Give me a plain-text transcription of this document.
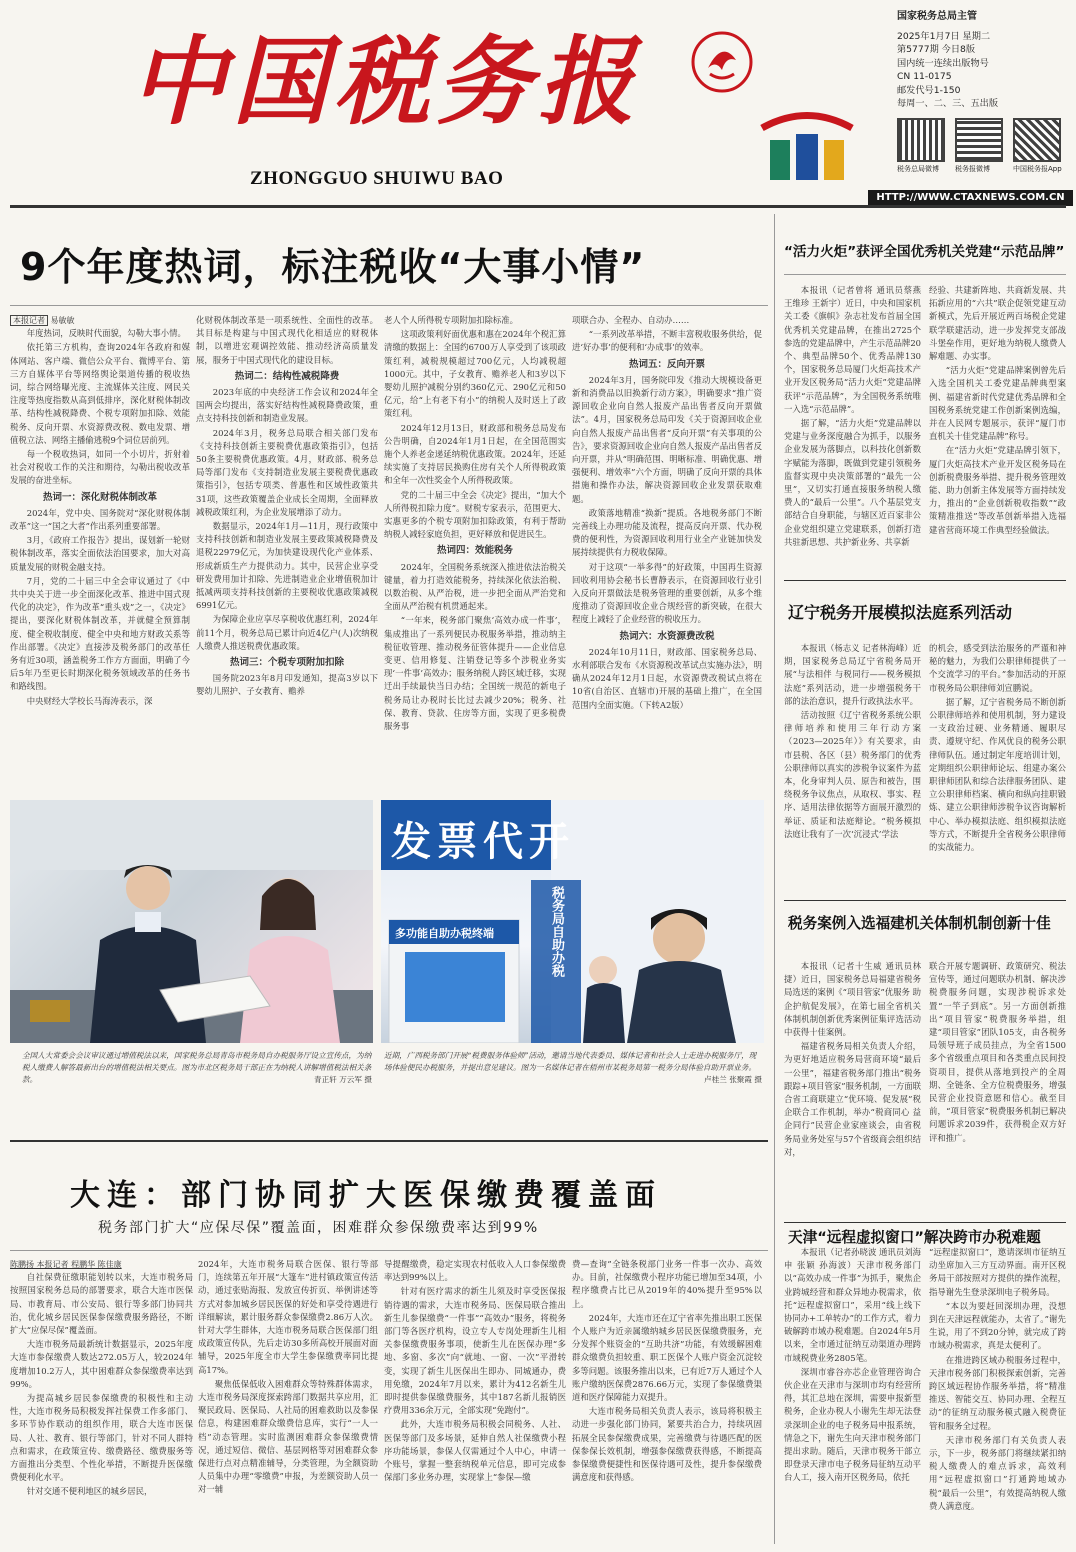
中国税务报
ZHONGGUO SHUIWU BAO
国家税务总局主管
2025年1月7日 星期二
第5777期 今日8版
国内统一连续出版物号
CN 11-0175
邮发代号1-150
每周一、二、三、五出版
税务总局微博 税务报微博	中国税务报App
HTTP://WWW.CTAXNEWS.COM.CN
9个年度热词，标注税收“大事小情”
本报记者 易敏敏

年度热词，反映时代面貌，勾勒大事小情。

依托第三方机构，查询2024年各政府和媒体网站、客户端、微信公众平台、微博平台、第三方自媒体平台等网络舆论渠道传播的税收热词，综合网络曝光度、主流媒体关注度、网民关注度等热度指数从高到低排序，深化财税体制改革、结构性减税降费、个税专项附加扣除、效能税务、反向开票、水资源费改税、数电发票、增值税立法、网络主播偷逃税9个词位居前列。

每一个税收热词，如同一个小切片，折射着社会对税收工作的关注和期待，勾勒出税收改革发展的奋进坐标。

热词一：深化财税体制改革

2024年，党中央、国务院对“深化财税体制改革”这一“国之大者”作出系列重要部署。

3月，《政府工作报告》提出，谋划新一轮财税体制改革，落实全面依法治国要求，加大对高质量发展的财税金融支持。

7月，党的二十届三中全会审议通过了《中共中央关于进一步全面深化改革、推进中国式现代化的决定》，作为改革“重头戏”之一，《决定》提出，要深化财税体制改革，并就健全预算制度、健全税收制度、健全中央和地方财政关系等作出部署。《决定》直接涉及税务部门的改革任务有近30项，涵盖税务工作方方面面，明确了今后5年乃至更长时期深化税务领域改革的任务书和路线图。

中央财经大学校长马海涛表示，深

化财税体制改革是一项系统性、全面性的改革。其目标是构建与中国式现代化相适应的财税体制，以增进宏观调控效能、推动经济高质量发展，服务于中国式现代化的建设目标。

热词二：结构性减税降费

2023年底的中央经济工作会议和2024年全国两会均提出，落实好结构性减税降费政策，重点支持科技创新和制造业发展。

2024年3月，税务总局联合相关部门发布《支持科技创新主要税费优惠政策指引》，包括50条主要税费优惠政策。4月，财政部、税务总局等部门发布《支持制造业发展主要税费优惠政策指引》，包括专项类、普惠性和区域性政策共31项，这些政策覆盖企业成长全周期，全面释放减税政策红利，为企业发展增添了动力。

数据显示，2024年1月—11月，现行政策中支持科技创新和制造业发展主要政策减税降费及退税22979亿元，为加快建设现代化产业体系、形成新质生产力提供动力。其中，民营企业享受研发费用加计扣除、先进制造业企业增值税加计抵减两项支持科技创新的主要税收优惠政策减税6991亿元。

为保障企业应享尽享税收优惠红利，2024年前11个月，税务总局已累计向近4亿户(人)次纳税人缴费人推送税费优惠政策。

热词三：个税专项附加扣除

国务院2023年8月印发通知，提高3岁以下婴幼儿照护、子女教育、赡养

老人个人所得税专项附加扣除标准。

这项政策利好面优惠和惠在2024年个税汇算清缴的数据上：全国约6700万人享受到了该项政策红利，减税规模超过700亿元，人均减税超1000元。其中，子女教育、赡养老人和3岁以下婴幼儿照护减税分别约360亿元、290亿元和50亿元，给“上有老下有小”的纳税人及时送上了政策红利。

2024年12月13日，财政部和税务总局发布公告明确，自2024年1月1日起，在全国范围实施个人养老金递延纳税优惠政策。2024年，还延续实施了支持居民换购住房有关个人所得税政策和全年一次性奖金个人所得税政策。

党的二十届三中全会《决定》提出，“加大个人所得税扣除力度”。财税专家表示，范围更大、实惠更多的个税专项附加扣除政策，有利于帮助纳税人减轻家庭负担，更好释放和促进民生。

热词四：效能税务

2024年，全国税务系统深入推进依法治税关键量，着力打造效能税务，持续深化依法治税、以数治税、从严治税，进一步把全面从严治党和全面从严治税有机贯通起来。

“一年来，税务部门聚焦‘高效办成一件事’，集成推出了一系列便民办税服务举措，推动纳主税征收管理、推动税务征管体提升——企业信息变更、信用修复、注销登记等多个涉税业务实现‘一件事’高效办；服务纳税人跨区域迁移，实现迁出手续最快当日办结；全国统一规范的新电子税务局让办税时长比过去减少20%；税务、社保、教育、贷款、住房等方面，实现了更多税费服务事

项联合办、全程办、自动办……

“一系列改革举措，不断丰富税收服务供给，促进‘好办事’的便利和‘办成事’的效率。

热词五：反向开票

2024年3月，国务院印发《推动大规模设备更新和消费品以旧换新行动方案》，明确要求“推广资源回收企业向自然人报废产品出售者反向开票做法”。4月，国家税务总局印发《关于资源回收企业向自然人报废产品出售者“反向开票”有关事项的公告》，要求资源回收企业向自然人报废产品出售者反向开票，并从“明确范围、明晰标准、明确优惠、增强便利、增效率”六个方面，明确了反向开票的具体措施和操作办法，解决资源回收企业发票获取难题。

政策落地精准“换新”提质。各地税务部门不断完善线上办理功能及流程，提高反向开票、代办税费的便利性，为资源回收利用行业全产业链加快发展持续提供有力税收保障。

对于这项“一举多得”的好政策，中国再生资源回收利用协会秘书长曹静表示，在资源回收行业引入反向开票做法是税务管理的重要创新，从多个维度推动了资源回收企业合规经营的新突破，在很大程度上减轻了企业经营的税收压力。

热词六：水资源费改税

2024年10月11日，财政部、国家税务总局、水利部联合发布《水资源税改革试点实施办法》，明确从2024年12月1日起，水资源费改税试点将在10省(自治区、直辖市)开展的基础上推广，在全国范围内全面实施。（下转A2版）

发票代开
多功能自助办税终端	税务局自助办税
全国人大常委会会议审议通过增值税法以来，国家税务总局青岛市税务局自办税服务厅设立宣传点，为纳税人缴费人解答最新出台的增值税法相关要点。图为市北区税务局干部正在为纳税人讲解增值税法相关条款。	青正轩 万云军 摄
近期，广西税务部门开展“税费服务体验师”活动，邀请当地代表委员、媒体记者和社会人士走进办税服务厅，现场体验便民办税服务，并提出意见建议。图为一名媒体记者在梧州市某税务局第一税务分局体验自助开票业务。
卢桂兰 张聚霞 摄
大连：部门协同扩大医保缴费覆盖面
税务部门扩大“应保尽保”覆盖面，困难群众参保缴费率达到99%
陈鹏扬 本报记者 程鹏华 陈佳康

自社保费征缴职能划转以来，大连市税务局按照国家税务总局的部署要求，联合大连市医保局、市教育局、市公安局、银行等多部门协同共治，优化城乡居民医保参保缴费服务路径，不断扩大“应保尽保”覆盖面。

大连市税务局最新统计数据显示，2025年度大连市参保缴费人数达272.05万人，较2024年度增加10.2万人，其中困难群众参保缴费率达到99%。

为提高城乡居民参保缴费的积极性和主动性，大连市税务局积极发挥社保费工作多部门、多环节协作联动的组织作用，联合大连市医保局、人社、教育、银行等部门，针对不同人群特点和需求，在政策宣传、缴费路径、缴费服务等方面推出分类型、个性化举措，不断提升医保缴费便利化水平。

针对交通不便利地区的城乡居民，

2024年，大连市税务局联合医保、银行等部门，连续第五年开展“大篷车”进村镇政策宣传活动，通过张贴海报、发放宣传折页、举例讲述等方式对参加城乡居民医保的好处和享受待遇进行详细解读，累计服务群众参保缴费2.86万人次。针对大学生群体，大连市税务局联合医保部门组成政策宣传队，先后走访30多所高校开展面对面辅导，2025年度全市大学生参保缴费率同比提高17%。

聚焦低保低收入困难群众等特殊群体需求，大连市税务局深度探索跨部门数据共享应用，汇聚民政局、医保局、人社局的困难救助以及参保信息，构建困难群众缴费信息库，实行“一人一档”动态管理。实时监测困难群众参保缴费情况，通过短信、微信、基层网格等对困难群众参保进行点对点精准辅导，分类管理，为全额资助人员集中办理“零缴费”申报，为差额资助人员一对一辅

导提醒缴费，稳定实现农村低收入人口参保缴费率达到99%以上。

针对有医疗需求的新生儿须及时享受医保报销待遇的需求，大连市税务局、医保局联合推出新生儿参保缴费“一件事”“高效办”服务，将税务部门等各医疗机构，设立专人专岗处理新生儿相关参保缴费服务事项，使新生儿在医保办理“多地、多窗、多次”向“就地、一窗、一次”平滑转变，实现了新生儿医保出生即办、同城通办，费用免缴，2024年7月以来，累计为412名新生儿即时提供参保缴费服务，其中187名新儿报销医疗费用336余万元，全部实现“免跑付”。

此外，大连市税务局积极会同税务、人社、医保等部门及多场景，延伸自然人社保缴费小程序功能场景，参保人仅需通过个人中心，申请一个账号，掌握一整套纳税单元信息，即可完成参保部门多业务办理，实现掌上“参保—缴

费—查询”全链条税部门业务一件事一次办、高效办。目前，社保缴费小程序功能已增加至34项，小程序缴费占比已从2019年的40%提升至95%以上。

2024年，大连市还在辽宁省率先推出职工医保个人账户为近亲属缴纳城乡居民医保缴费服务，充分发挥个账资金的“互助共济”功能，有效缓解困难群众缴费负担较重、职工医保个人账户资金沉淀较多等问题。该服务推出以来，已有近7万人通过个人账户缴纳医保费2876.66万元，实现了参保缴费渠道和医疗保障能力双提升。

大连市税务局相关负责人表示，该局将积极主动进一步强化部门协同，紧要共治合力，持续巩固拓展全民参保缴费成果，完善缴费与待遇匹配的医保参保长效机制，增强参保缴费获得感，不断提高参保缴费便捷性和医保待遇可及性，提升参保缴费满意度和获得感。

“活力火炬”获评全国优秀机关党建“示范品牌”

本报讯（记者曾将 通讯员蔡燕 王维珍 王新宇）近日，中央和国家机关工委《旗帜》杂志社发布首届全国优秀机关党建品牌，在推出2725个参选的党建品牌中，产生示范品牌20个、典型品牌50个、优秀品牌130个，国家税务总局厦门火炬高技术产业开发区税务局“活力火炬”党建品牌获评“示范品牌”，为全国税务系统唯一入选“示范品牌”。

据了解，“活力火炬”党建品牌以党建与业务深度融合为抓手，以服务企业发展为落脚点，以科技化创新数字赋能为落脚，既做到党建引领税务监督实现中央决策部署的“最先一公里”，又切实打通直接服务纳税人缴费人的“最后一公里”。八个基层党支部结合自身职能，与辖区近百家非公企业党组织建立党建联系，创新打造共驻新思想、共护新业务、共享新

经验、共建新阵地、共商新发展、共拓新应用的“六共”联企促领党建互动新模式，先后开展近两百场税企党建联学联建活动，进一步发挥党支部战斗堡垒作用，更好地为纳税人缴费人解难题、办实事。

“活力火炬”党建品牌案例曾先后入选全国机关工委党建品牌典型案例、福建省新时代党建优秀品牌和全国税务系统党建工作创新案例选编，并在人民网专题展示，获评“厦门市直机关十佳党建品牌”称号。

在“活力火炬”党建品牌引领下，厦门火炬高技术产业开发区税务局在创新税费服务举措、提升税务管理效能、助力创新主体发展等方面持续发力，推出的“企业创新税收指数”“政策精准推送”等改革创新举措入选福建省营商环境工作典型经验做法。

辽宁税务开展模拟法庭系列活动

本报讯（杨志义 记者林海峰）近期，国家税务总局辽宁省税务局开展“与法相伴 与税同行——税务模拟法庭”系列活动，进一步增强税务干部的法治意识，提升行政执法水平。

活动按照《辽宁省税务系统公职律师培养和使用三年行动方案（2023—2025年）》有关要求，由市县税、各区（县）税务部门的优秀公职律师以真实的涉税争议案件为蓝本，化身审判人员、原告和被告，围绕税务争议焦点，从取权、事实、程序、适用法律依据等方面展开激烈的举证、质证和法庭辩论。“税务模拟法庭让我有了一次‘沉浸式’学法

的机会，感受到法治服务的严谨和神秘的魅力，为我们公职律师提供了一个交流学习的平台。”参加活动的开原市税务局公职律师刘宣鹏说。

据了解，辽宁省税务局不断创新公职律师培养和使用机制，努力建设一支政治过硬、业务精通、履职尽责、遵规守纪、作风优良的税务公职律师队伍。通过制定年度培训计划，定期组织公职律师论坛、组建办案公职律师团队和综合法律服务团队、建立公职律师档案、横向和纵向挂职锻炼、建立公职律师涉税争议咨询解析中心、举办模拟法庭、组织模拟法庭等方式，不断提升全省税务公职律师的实战能力。

税务案例入选福建机关体制机制创新十佳

本报讯（记者十生威 通讯员林捷）近日，国家税务总局福建省税务局选送的案例《“项目管家”优服务 助企护航促发展》，在第七届全省机关体制机制创新优秀案例征集评选活动中获得十佳案例。

福建省税务局相关负责人介绍，为更好地适应税务局营商环境“最后一公里”，福建省税务部门推出“税务跟踪+项目管家”服务机制，一方面联合省工商联建立“优环境、促发展”税企联合工作机制，举办“税商同心 益企同行”民营企业家座谈会，由省税务局业务处室与57个省级商会组织结对，

联合开展专题调研、政策研究、税法宣传等，通过问题联办机制、解决涉税费服务问题，实现涉税诉求处置“一竿子到底”。另一方面创新推出“项目管家”税费服务举措，组建“项目管家”团队105支，由各税务局领导班子成员挂点，为全省1500多个省级重点项目和各类重点民间投资项目，提供从落地到投产的全周期、全链条、全方位税费服务，增强民营企业投资意愿和信心。截至目前，“项目管家”税费服务机制已解决问题诉求2039件，获得税企双方好评和推广。

天津“远程虚拟窗口”解决跨市办税难题

本报讯（记者孙晓波 通讯员刘海申 张颖 孙海波）天津市税务部门以“高效办成一件事”为抓手，聚焦企业跨城经营和群众异地办税需求，依托“远程虚拟窗口”，采用“线上线下协同办+工单转办”的工作方式，着力破解跨市域办税难题。自2024年5月以来，全市通过征纳互动渠道办理跨市域税费业务2805笔。

深圳市睿谷亦芯企业管理咨询合伙企业在天津市与深圳市均有经营所得，其汇总地在深圳，需要申报新型税务，企业办税人小谢先生却无法登录深圳企业的电子税务局申报系统，情急之下，谢先生向天津市税务部门提出求助。随后，天津市税务干部立即登录天津市电子税务局征纳互动平台人工，接入南开区税务局，依托

“远程虚拟窗口”，邀请深圳市征纳互动坐席加入三方互动界面。南开区税务局干部按照对方提供的操作流程，指导谢先生登录深圳电子税务局。

“本以为要赶回深圳办理，没想到在天津远程就能办，太省了。”谢先生说，用了不到20分钟，就完成了跨市域办税需求，真是太便利了。

在推进跨区域办税服务过程中，天津市税务部门积极探索创新，完善跨区域远程协作服务举措，将“精准推送、智能交互、协同办理、全程互动”的征纳互动服务模式融入税费征管和服务全过程。

天津市税务部门有关负责人表示，下一步，税务部门将继续紧扣纳税人缴费人的难点诉求，高效利用“远程虚拟窗口”打通跨地域办税“最后一公里”，有效提高纳税人缴费人满意度。
